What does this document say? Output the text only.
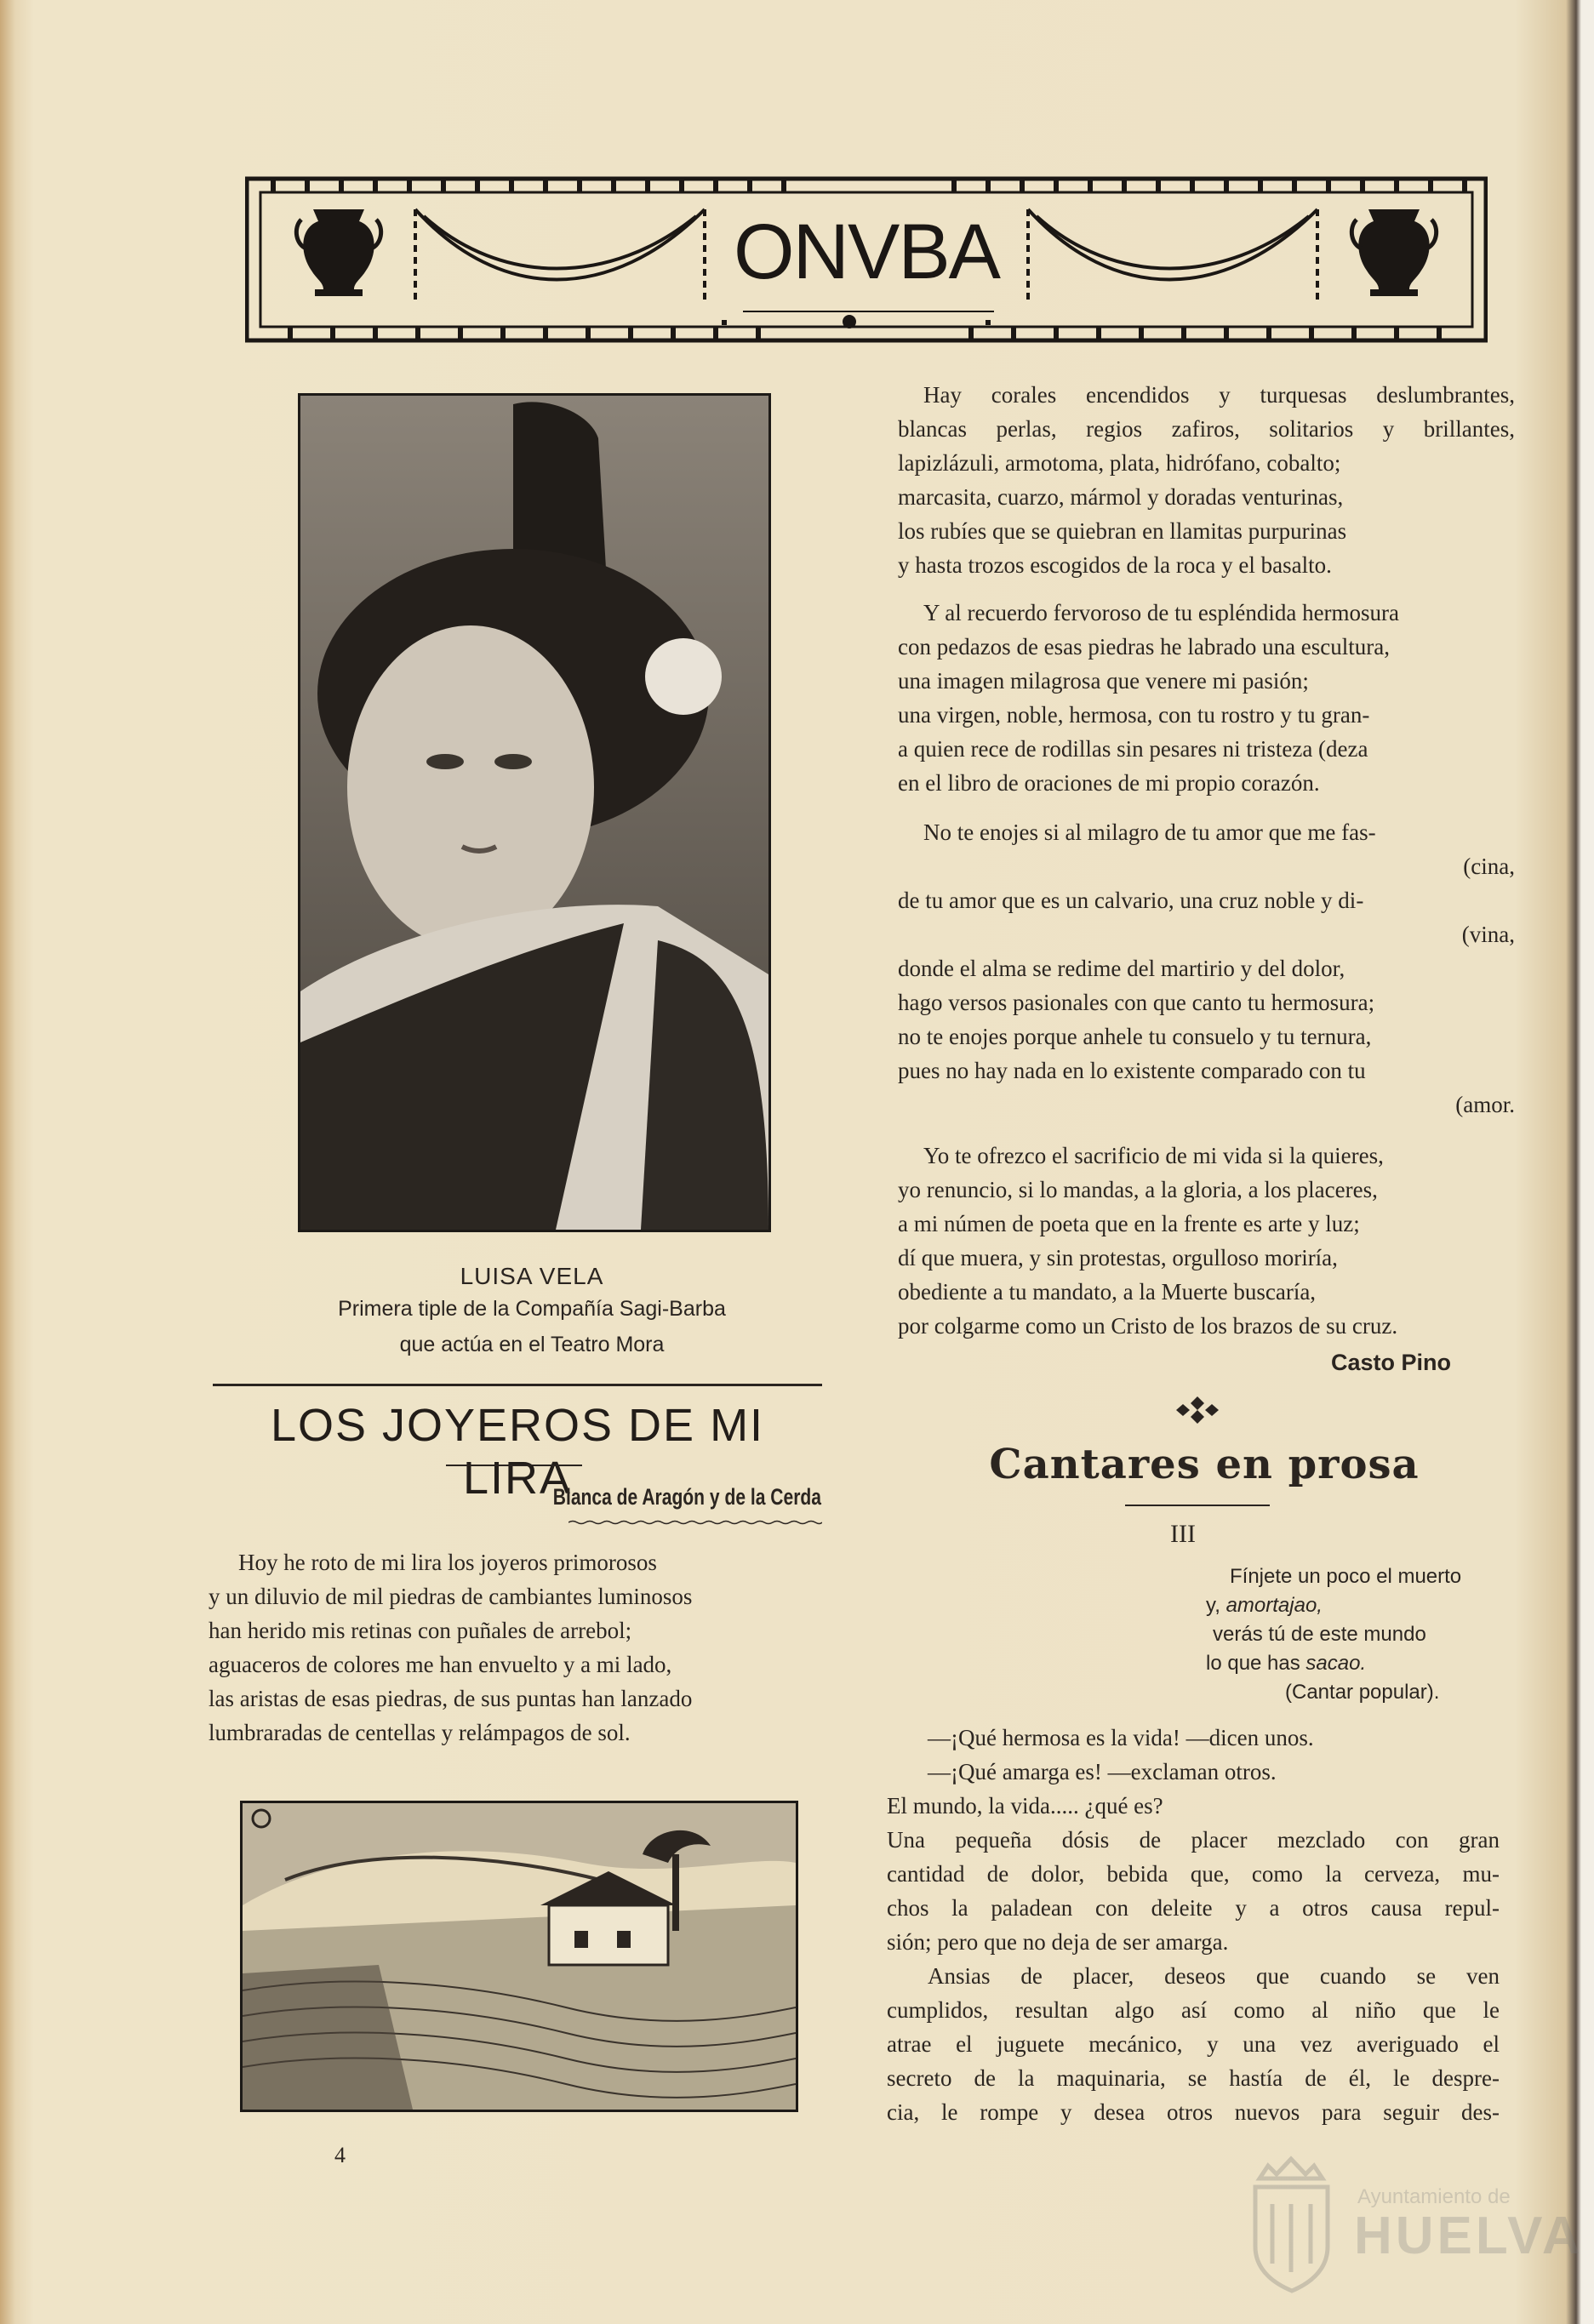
ONVBA
LUISA VELA
Primera tiple de la Compañía Sagi-Barba
que actúa en el Teatro Mora
LOS JOYEROS DE MI LIRA
Blanca de Aragón y de la Cerda
Hoy he roto de mi lira los joyeros primorosos
y un diluvio de mil piedras de cambiantes luminosos
han herido mis retinas con puñales de arrebol;
aguaceros de colores me han envuelto y a mi lado,
las aristas de esas piedras, de sus puntas han lanzado
lumbraradas de centellas y relámpagos de sol.
4
Hay corales encendidos y turquesas deslumbrantes,
blancas perlas, regios zafiros, solitarios y brillantes,
lapizlázuli, armotoma, plata, hidrófano, cobalto;
marcasita, cuarzo, mármol y doradas venturinas,
los rubíes que se quiebran en llamitas purpurinas
y hasta trozos escogidos de la roca y el basalto.
Y al recuerdo fervoroso de tu espléndida hermosura
con pedazos de esas piedras he labrado una escultura,
una imagen milagrosa que venere mi pasión;
una virgen, noble, hermosa, con tu rostro y tu gran-
a quien rece de rodillas sin pesares ni tristeza (deza
en el libro de oraciones de mi propio corazón.
No te enojes si al milagro de tu amor que me fas-
(cina,
de tu amor que es un calvario, una cruz noble y di-
(vina,
donde el alma se redime del martirio y del dolor,
hago versos pasionales con que canto tu hermosura;
no te enojes porque anhele tu consuelo y tu ternura,
pues no hay nada en lo existente comparado con tu
(amor.
Yo te ofrezco el sacrificio de mi vida si la quieres,
yo renuncio, si lo mandas, a la gloria, a los placeres,
a mi númen de poeta que en la frente es arte y luz;
dí que muera, y sin protestas, orgulloso moriría,
obediente a tu mandato, a la Muerte buscaría,
por colgarme como un Cristo de los brazos de su cruz.
Casto Pino
Cantares en prosa
III
Fínjete un poco el muerto
y, amortajao,
verás tú de este mundo
lo que has sacao.
(Cantar popular).
—¡Qué hermosa es la vida! —dicen unos.
—¡Qué amarga es! —exclaman otros.
El mundo, la vida..... ¿qué es?
Una pequeña dósis de placer mezclado con gran
cantidad de dolor, bebida que, como la cerveza, mu-
chos la paladean con deleite y a otros causa repul-
sión; pero que no deja de ser amarga.
Ansias de placer, deseos que cuando se ven
cumplidos, resultan algo así como al niño que le
atrae el juguete mecánico, y una vez averiguado el
secreto de la maquinaria, se hastía de él, le despre-
cia, le rompe y desea otros nuevos para seguir des-
Ayuntamiento de
HUELVA
